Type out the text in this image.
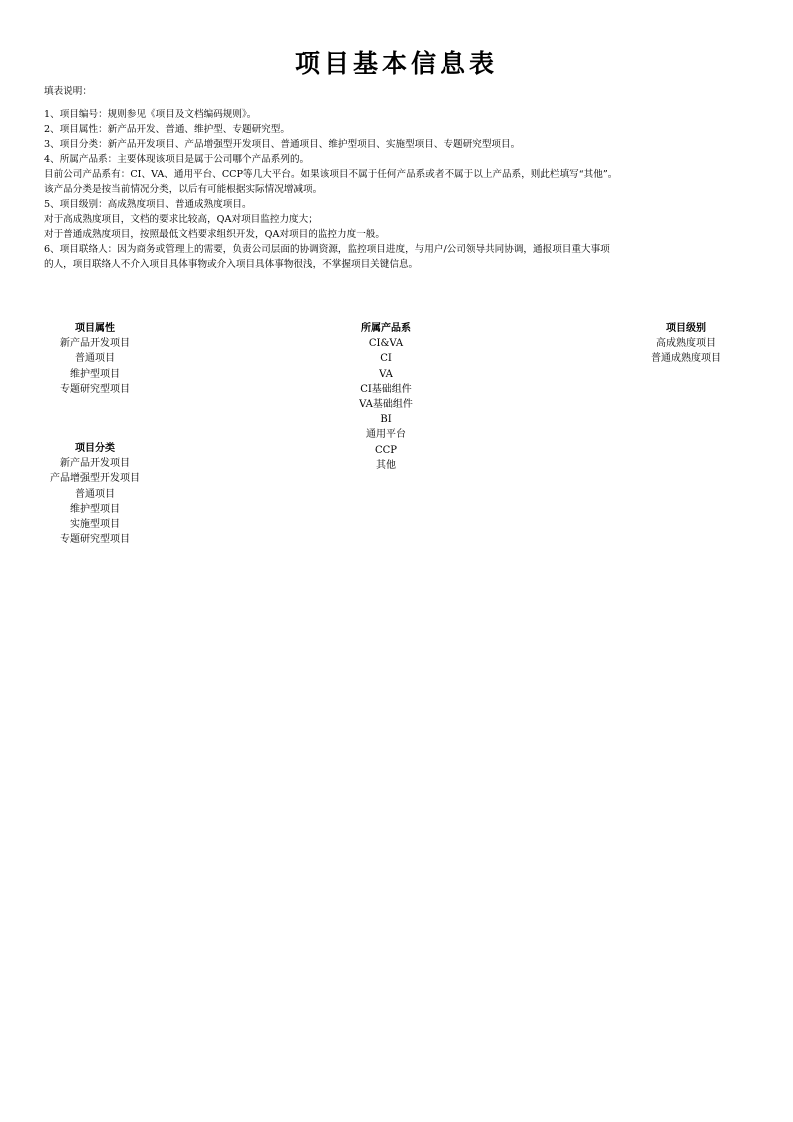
项目基本信息表
填表说明：
1、项目编号：规则参见《项目及文档编码规则》。
2、项目属性：新产品开发、普通、维护型、专题研究型。
3、项目分类：新产品开发项目、产品增强型开发项目、普通项目、维护型项目、实施型项目、专题研究型项目。
4、所属产品系：主要体现该项目是属于公司哪个产品系列的。
目前公司产品系有：CI、VA、通用平台、CCP等几大平台。如果该项目不属于任何产品系或者不属于以上产品系，则此栏填写“其他”。该产品分类是按当前情况分类，以后有可能根据实际情况增减项。
5、项目级别：高成熟度项目、普通成熟度项目。
对于高成熟度项目，文档的要求比较高，QA对项目监控力度大；
对于普通成熟度项目，按照最低文档要求组织开发，QA对项目的监控力度一般。
6、项目联络人：因为商务或管理上的需要，负责公司层面的协调资源，监控项目进度，与用户/公司领导共同协调，通报项目重大事项的人，项目联络人不介入项目具体事物或介入项目具体事物很浅，不掌握项目关键信息。
项目属性
新产品开发项目
普通项目
维护型项目
专题研究型项目
项目分类
新产品开发项目
产品增强型开发项目
普通项目
维护型项目
实施型项目
专题研究型项目
所属产品系
CI&VA
CI
VA
CI基础组件
VA基础组件
BI
通用平台
CCP
其他
项目级别
高成熟度项目
普通成熟度项目
